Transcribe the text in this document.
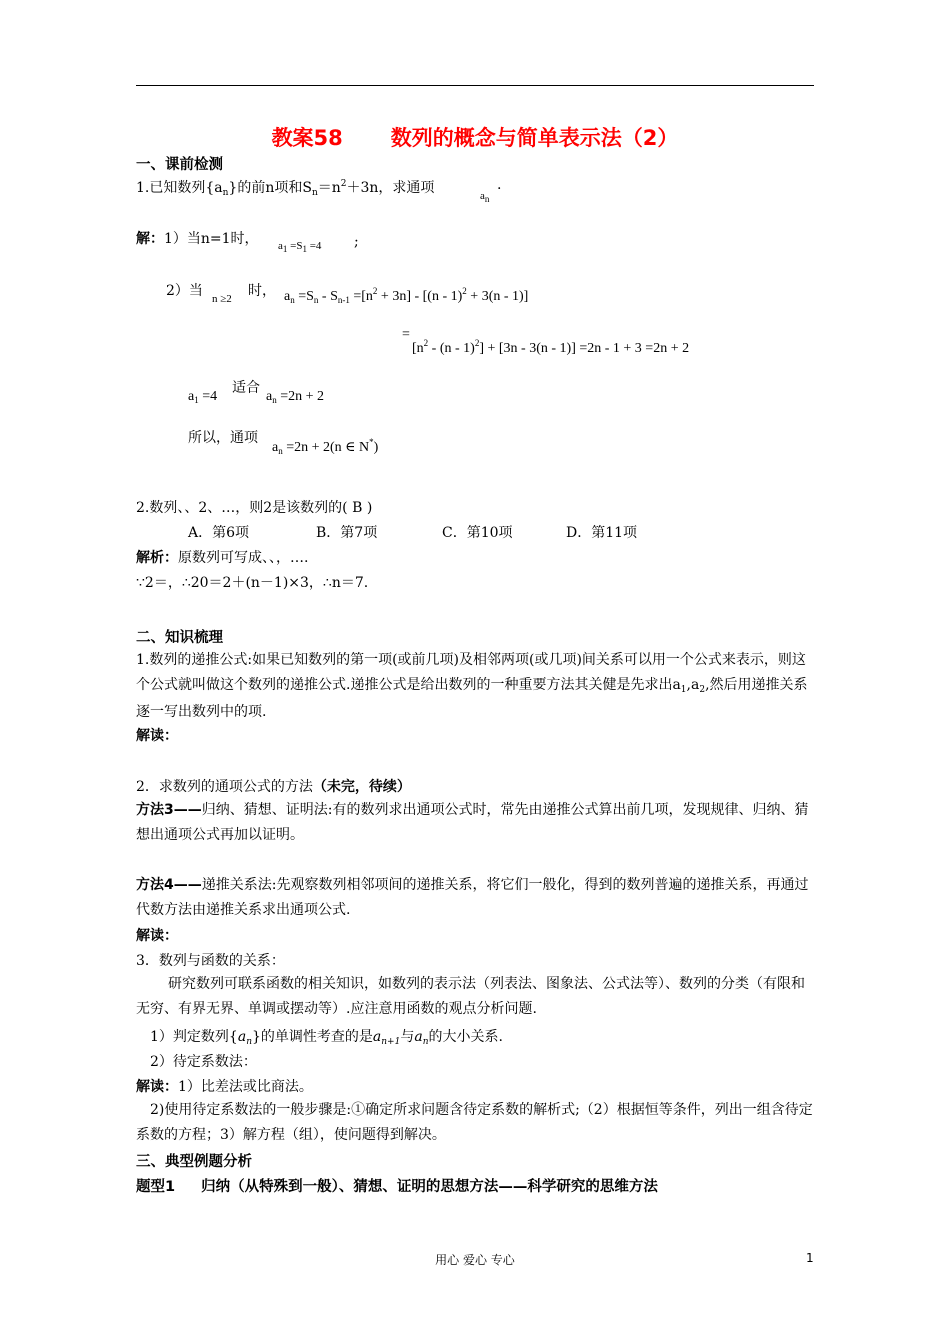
教案58 数列的概念与简单表示法（2）
一、课前检测
1.已知数列$\{a_n\}$的前n项和$S_n=n^2+3n$，求通项	$a_n$
.
解：1）当n=1时， $a_1 =S_1 =4$ ;
2）当 n ≥2 时， $a_n =S_n - S_{n-1} =[n^2 + 3n] - [(n - 1)^2 + 3(n - 1)]$
=
$[n^2 - (n - 1)^2] + [3n - 3(n - 1)] =2n - 1 + 3 =2n + 2$
$a_1 =4$
适合
$a_n =2n + 2$
所以，通项
$a_n =2n + 2(n$ ∈ N*)
2.数列、、2、…，则2是该数列的( B )
A．第6项	B．第7项	C．第10项	D．第11项
解析：原数列可写成、、，….
∵2＝，∴20＝2＋(n－1)×3，∴n＝7.
二、知识梳理
1.数列的递推公式:如果已知数列的第一项(或前几项)及相邻两项(或几项)间关系可以用一个公式来表示，则这个公式就叫做这个数列的递推公式.递推公式是给出数列的一种重要方法其关健是先求出$a_1,a_2$,然后用递推关系逐一写出数列中的项.
解读：
2．求数列的通项公式的方法（未完，待续）
方法3——归纳、猜想、证明法:有的数列求出通项公式时，常先由递推公式算出前几项，发现规律、归纳、猜想出通项公式再加以证明。
方法4——递推关系法:先观察数列相邻项间的递推关系，将它们一般化，得到的数列普遍的递推关系，再通过代数方法由递推关系求出通项公式.
解读：
3．数列与函数的关系：
研究数列可联系函数的相关知识，如数列的表示法（列表法、图象法、公式法等）、数列的分类（有限和无穷、有界无界、单调或摆动等）.应注意用函数的观点分析问题.
1）判定数列$\{a_n\}$的单调性考查的是$a_{n+1}$与$a_n$的大小关系.
2）待定系数法：
解读：1）比差法或比商法。
2)使用待定系数法的一般步骤是:①确定所求问题含待定系数的解析式;（2）根据恒等条件，列出一组含待定系数的方程；3）解方程（组），使问题得到解决。
三、典型例题分析
题型1 归纳（从特殊到一般）、猜想、证明的思想方法——科学研究的思维方法
用心 爱心 专心	1
